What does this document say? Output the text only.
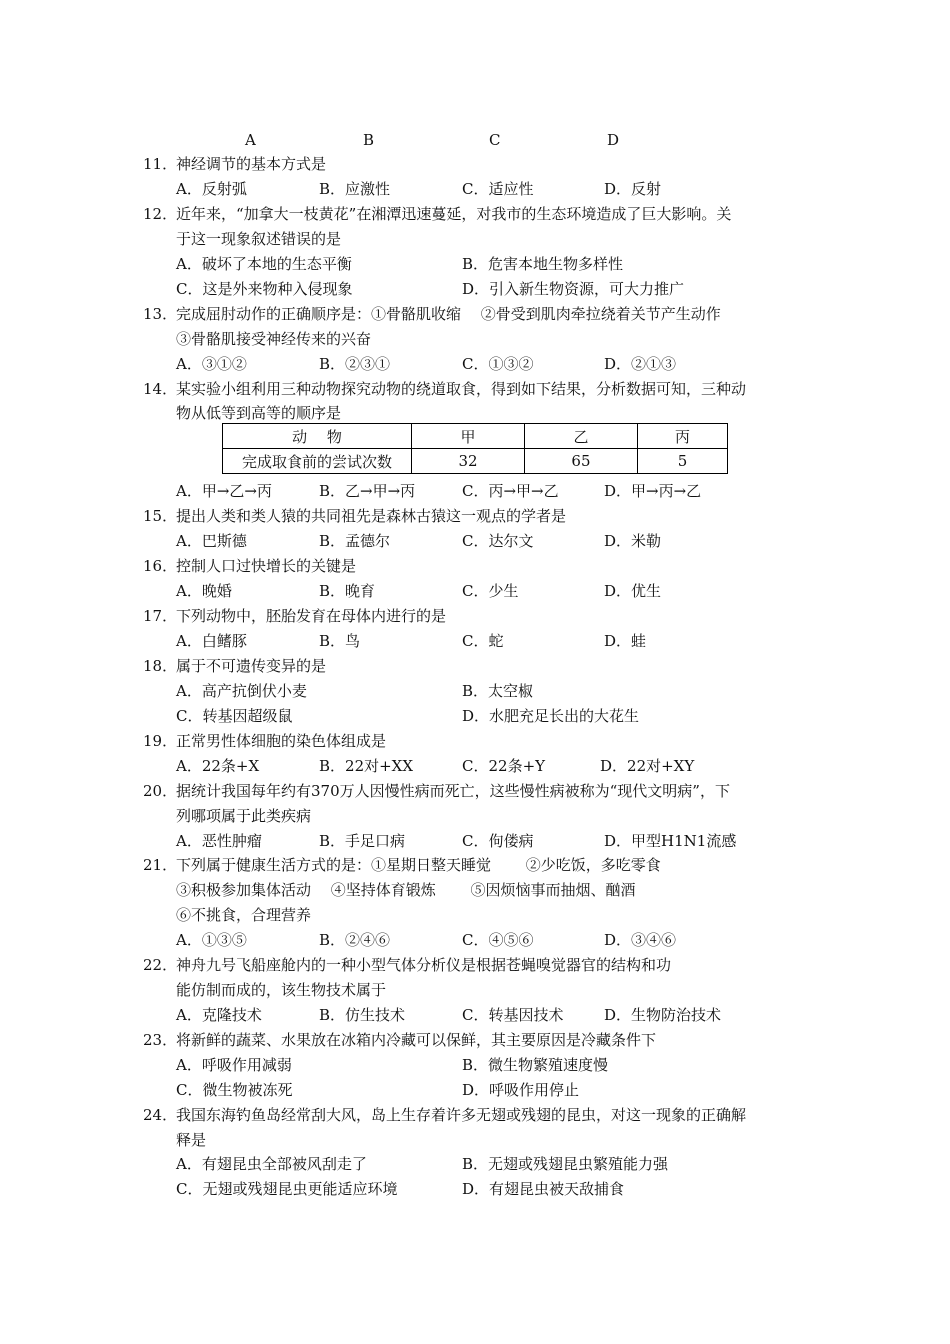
A	B	C	D
11．
神经调节的基本方式是
A．反射弧	B．应激性	C．适应性	D．反射
12．
近年来，“加拿大一枝黄花”在湘潭迅速蔓延，对我市的生态环境造成了巨大影响。关
于这一现象叙述错误的是
A．破坏了本地的生态平衡	B．危害本地生物多样性
C．这是外来物种入侵现象	D．引入新生物资源，可大力推广
13．
完成屈肘动作的正确顺序是：①骨骼肌收缩　 ②骨受到肌肉牵拉绕着关节产生动作
③骨骼肌接受神经传来的兴奋
A．③①②	B．②③①	C．①③②	D．②①③
14．
某实验小组利用三种动物探究动物的绕道取食，得到如下结果，分析数据可知，三种动
物从低等到高等的顺序是
动　 物	甲	乙	丙
完成取食前的尝试次数	32	65	5
A．甲→乙→丙	B．乙→甲→丙	C．丙→甲→乙	D．甲→丙→乙
15．
提出人类和类人猿的共同祖先是森林古猿这一观点的学者是
A．巴斯德	B．孟德尔	C．达尔文	D．米勒
16．
控制人口过快增长的关键是
A．晚婚	B．晚育	C．少生	D．优生
17．
下列动物中，胚胎发育在母体内进行的是
A．白鳍豚	B．鸟	C．蛇	D．蛙
18．
属于不可遗传变异的是
A．高产抗倒伏小麦	B．太空椒
C．转基因超级鼠	D．水肥充足长出的大花生
19．
正常男性体细胞的染色体组成是
A．22条+X	B．22对+XX	C．22条+Y	D．22对+XY
20．
据统计我国每年约有370万人因慢性病而死亡，这些慢性病被称为“现代文明病”，下
列哪项属于此类疾病
A．恶性肿瘤	B．手足口病	C．佝偻病	D．甲型H1N1流感
21．
下列属于健康生活方式的是：①星期日整天睡觉　　 ②少吃饭，多吃零食
③积极参加集体活动　 ④坚持体育锻炼　　 ⑤因烦恼事而抽烟、酗酒
⑥不挑食，合理营养
A．①③⑤	B．②④⑥	C．④⑤⑥	D．③④⑥
22．
神舟九号飞船座舱内的一种小型气体分析仪是根据苍蝇嗅觉器官的结构和功
能仿制而成的，该生物技术属于
A．克隆技术	B．仿生技术	C．转基因技术	D．生物防治技术
23．
将新鲜的蔬菜、水果放在冰箱内冷藏可以保鲜，其主要原因是冷藏条件下
A．呼吸作用减弱	B．微生物繁殖速度慢
C．微生物被冻死	D．呼吸作用停止
24．
我国东海钓鱼岛经常刮大风，岛上生存着许多无翅或残翅的昆虫，对这一现象的正确解
释是
A．有翅昆虫全部被风刮走了	B．无翅或残翅昆虫繁殖能力强
C．无翅或残翅昆虫更能适应环境	D．有翅昆虫被天敌捕食
